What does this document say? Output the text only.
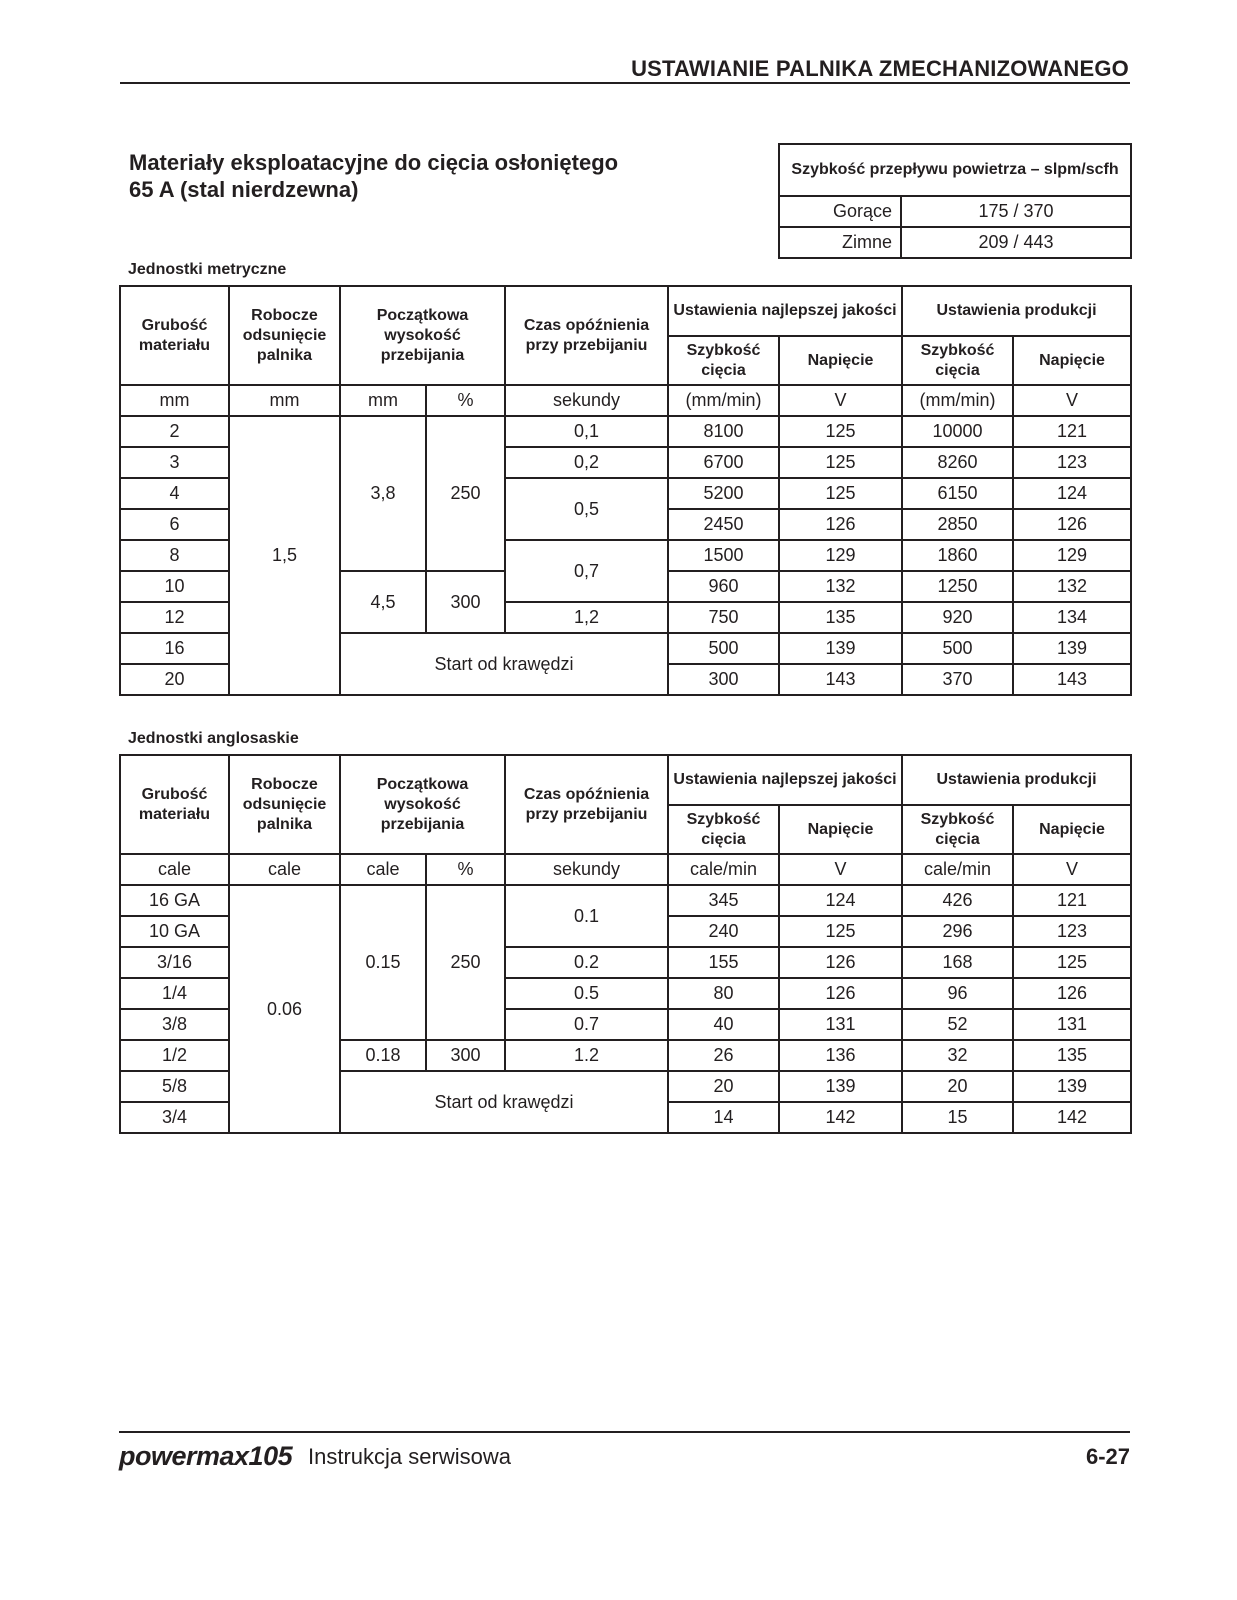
USTAWIANIE PALNIKA ZMECHANIZOWANEGO
Materiały eksploatacyjne do cięcia osłoniętego
65 A (stal nierdzewna)
Szybkość przepływu powietrza – slpm/scfh	
Gorące	175 / 370
Zimne	209 / 443
Jednostki metryczne
Grubość materiału	Robocze odsunięcie palnika	Początkowa wysokość przebijania		Czas opóźnienia przy przebijaniu	Ustawienia najlepszej jakości		Ustawienia produkcji	
					Szybkość cięcia	Napięcie	Szybkość cięcia	Napięcie
mm	mm	mm	%	sekundy	(mm/min)	V	(mm/min)	V
2	1,5	3,8	250	0,1	8100	125	10000	121
3				0,2	6700	125	8260	123
4				0,5	5200	125	6150	124
6					2450	126	2850	126
8				0,7	1500	129	1860	129
10		4,5	300		960	132	1250	132
12				1,2	750	135	920	134
16		Start od krawędzi			500	139	500	139
20					300	143	370	143
Jednostki anglosaskie
Grubość materiału	Robocze odsunięcie palnika	Początkowa wysokość przebijania		Czas opóźnienia przy przebijaniu	Ustawienia najlepszej jakości		Ustawienia produkcji	
					Szybkość cięcia	Napięcie	Szybkość cięcia	Napięcie
cale	cale	cale	%	sekundy	cale/min	V	cale/min	V
16 GA	0.06	0.15	250	0.1	345	124	426	121
10 GA					240	125	296	123
3/16				0.2	155	126	168	125
1/4				0.5	80	126	96	126
3/8				0.7	40	131	52	131
1/2		0.18	300	1.2	26	136	32	135
5/8		Start od krawędzi			20	139	20	139
3/4					14	142	15	142
powermax105 Instrukcja serwisowa	6-27
